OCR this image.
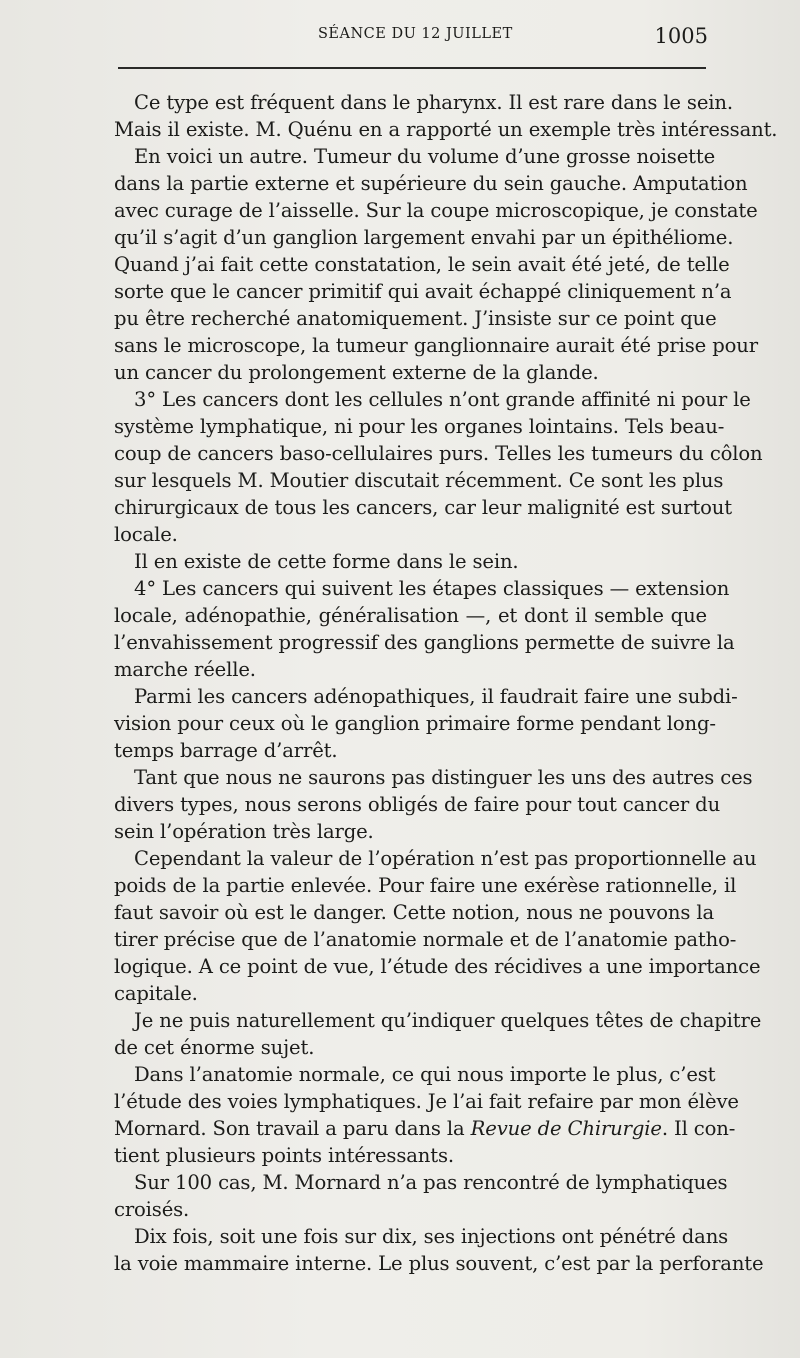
SÉANCE DU 12 JUILLET	1005
Ce type est fréquent dans le pharynx. Il est rare dans le sein.
Mais il existe. M. Quénu en a rapporté un exemple très intéressant.
En voici un autre. Tumeur du volume d’une grosse noisette
dans la partie externe et supérieure du sein gauche. Amputation
avec curage de l’aisselle. Sur la coupe microscopique, je constate
qu’il s’agit d’un ganglion largement envahi par un épithéliome.
Quand j’ai fait cette constatation, le sein avait été jeté, de telle
sorte que le cancer primitif qui avait échappé cliniquement n’a
pu être recherché anatomiquement. J’insiste sur ce point que
sans le microscope, la tumeur ganglionnaire aurait été prise pour
un cancer du prolongement externe de la glande.
3° Les cancers dont les cellules n’ont grande affinité ni pour le
système lymphatique, ni pour les organes lointains. Tels beau-
coup de cancers baso-cellulaires purs. Telles les tumeurs du côlon
sur lesquels M. Moutier discutait récemment. Ce sont les plus
chirurgicaux de tous les cancers, car leur malignité est surtout
locale.
Il en existe de cette forme dans le sein.
4° Les cancers qui suivent les étapes classiques — extension
locale, adénopathie, généralisation —, et dont il semble que
l’envahissement progressif des ganglions permette de suivre la
marche réelle.
Parmi les cancers adénopathiques, il faudrait faire une subdi-
vision pour ceux où le ganglion primaire forme pendant long-
temps barrage d’arrêt.
Tant que nous ne saurons pas distinguer les uns des autres ces
divers types, nous serons obligés de faire pour tout cancer du
sein l’opération très large.
Cependant la valeur de l’opération n’est pas proportionnelle au
poids de la partie enlevée. Pour faire une exérèse rationnelle, il
faut savoir où est le danger. Cette notion, nous ne pouvons la
tirer précise que de l’anatomie normale et de l’anatomie patho-
logique. A ce point de vue, l’étude des récidives a une importance
capitale.
Je ne puis naturellement qu’indiquer quelques têtes de chapitre
de cet énorme sujet.
Dans l’anatomie normale, ce qui nous importe le plus, c’est
l’étude des voies lymphatiques. Je l’ai fait refaire par mon élève
Mornard. Son travail a paru dans la Revue de Chirurgie. Il con-
tient plusieurs points intéressants.
Sur 100 cas, M. Mornard n’a pas rencontré de lymphatiques
croisés.
Dix fois, soit une fois sur dix, ses injections ont pénétré dans
la voie mammaire interne. Le plus souvent, c’est par la perforante
